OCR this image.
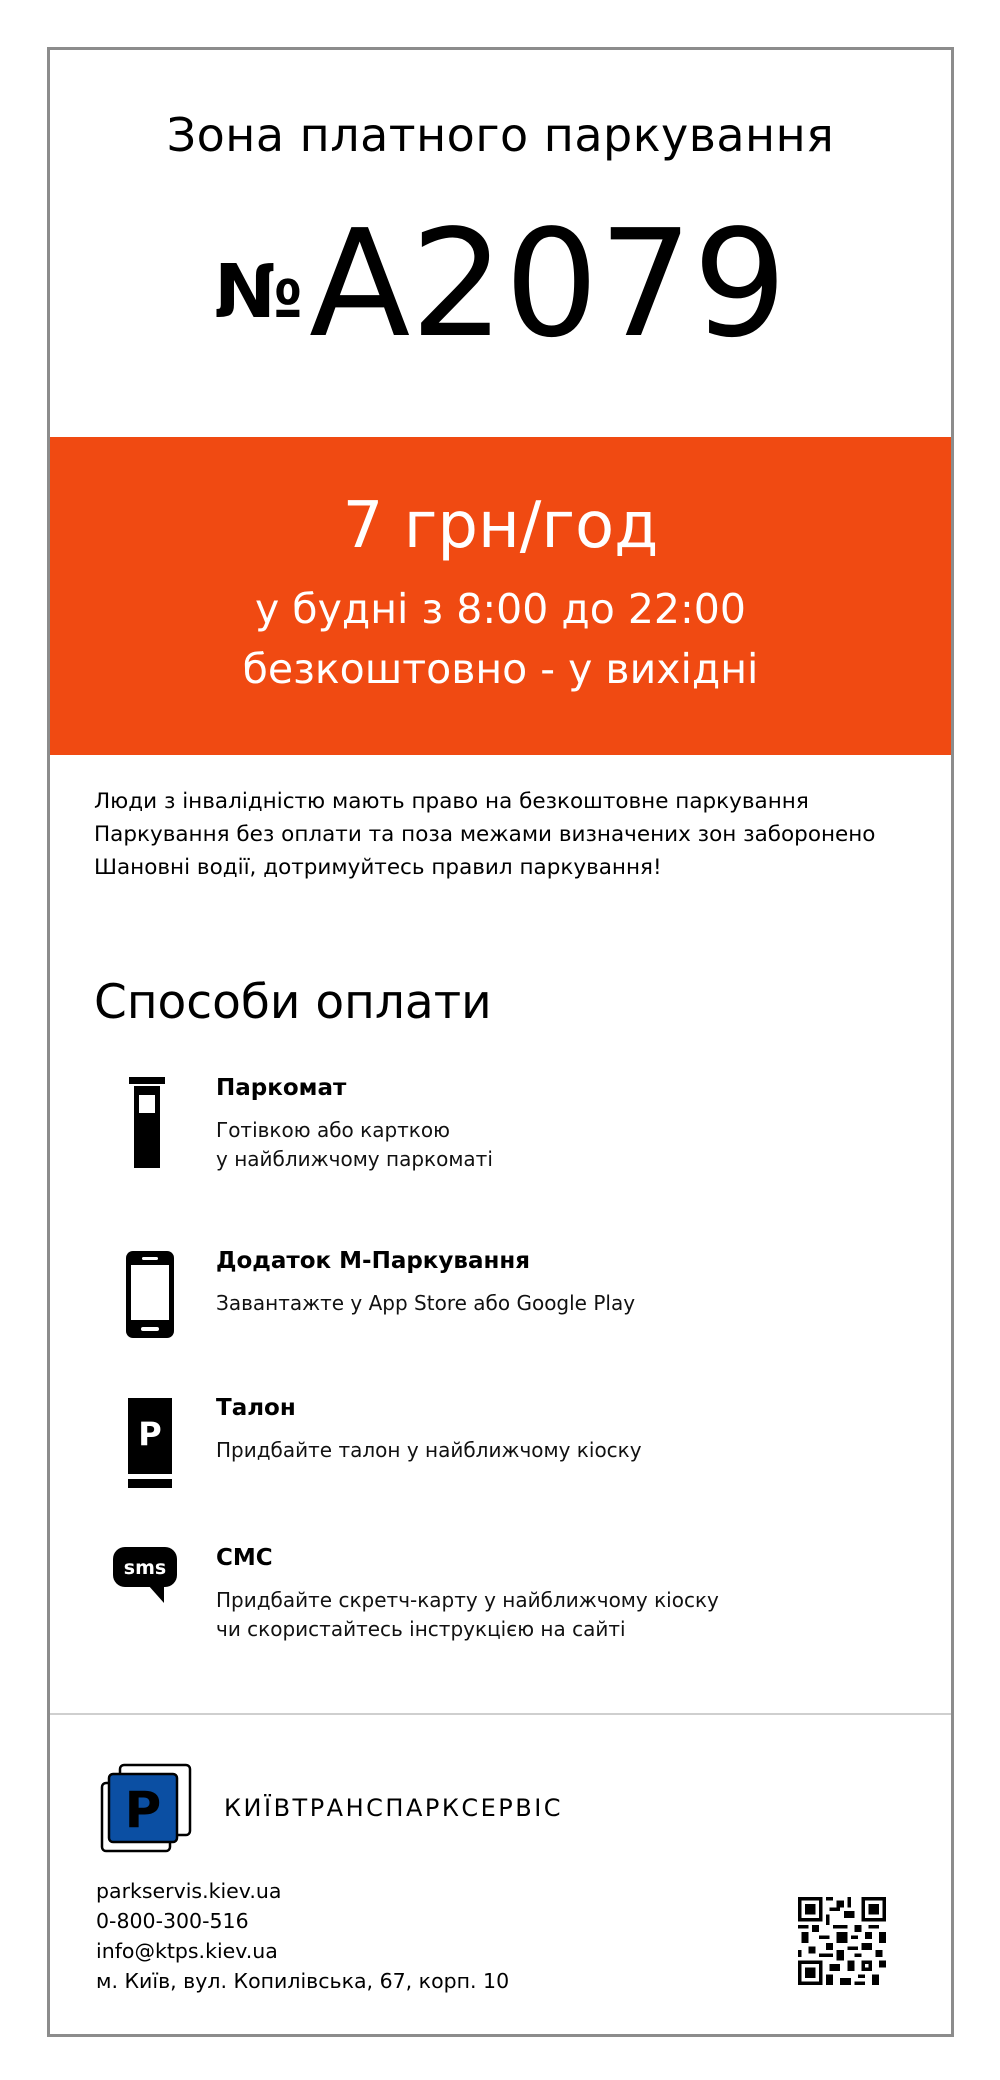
Зона платного паркування
№А2079
7 грн/год
у будні з 8:00 до 22:00
безкоштовно - у вихідні
Люди з інвалідністю мають право на безкоштовне паркування
Паркування без оплати та поза межами визначених зон заборонено
Шановні водії, дотримуйтесь правил паркування!
Способи оплати
Паркомат
Готівкою або карткою
у найближчому паркоматі
Додаток М-Паркування
Завантажте у App Store або Google Play
P
Талон
Придбайте талон у найближчому кіоску
sms СМС
Придбайте скретч-карту у найближчому кіоску
чи скористайтесь інструкцією на сайті
P	КИЇВТРАНСПАРКСЕРВІС
parkservis.kiev.ua
0-800-300-516
info@ktps.kiev.ua
м. Київ, вул. Копилівська, 67, корп. 10
